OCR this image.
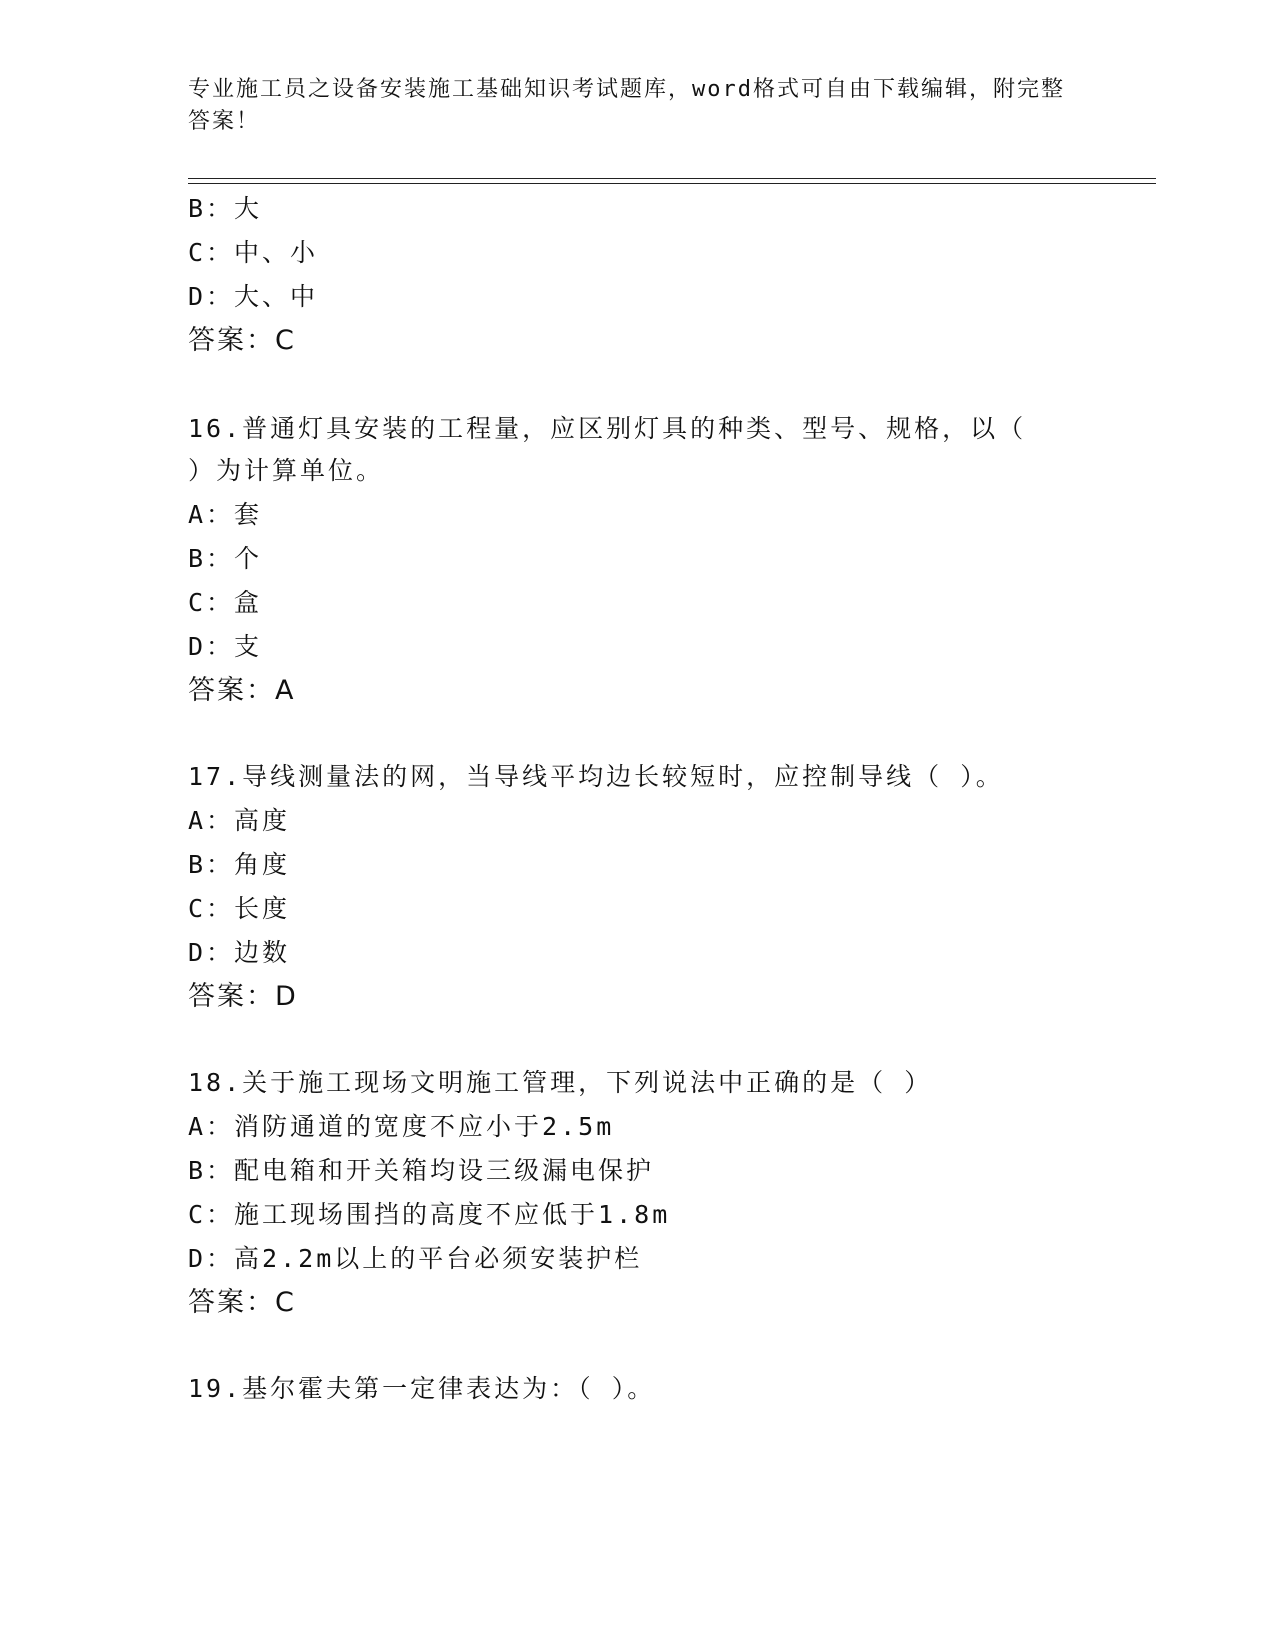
专业施工员之设备安装施工基础知识考试题库，word格式可自由下载编辑，附完整答案！
B：大
C：中、小
D：大、中
答案：C
16.普通灯具安装的工程量，应区别灯具的种类、型号、规格，以（
）为计算单位。
A：套
B：个
C：盒
D：支
答案：A
17.导线测量法的网，当导线平均边长较短时，应控制导线（ ）。
A：高度
B：角度
C：长度
D：边数
答案：D
18.关于施工现场文明施工管理，下列说法中正确的是（ ）
A：消防通道的宽度不应小于2.5m
B：配电箱和开关箱均设三级漏电保护
C：施工现场围挡的高度不应低于1.8m
D：高2.2m以上的平台必须安装护栏
答案：C
19.基尔霍夫第一定律表达为：（ ）。
